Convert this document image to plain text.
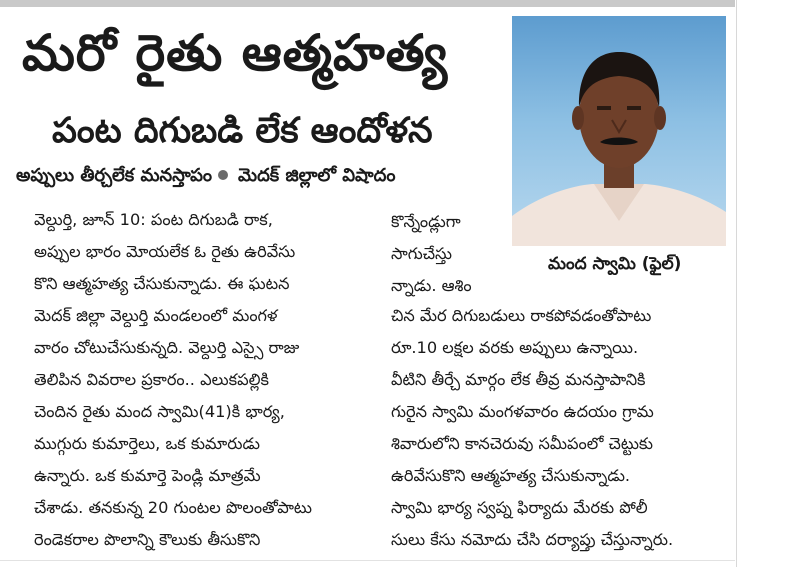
మరో రైతు ఆత్మహత్య
పంట దిగుబడి లేక ఆందోళన
అప్పులు తీర్చలేక మనస్తాపం మెదక్ జిల్లాలో విషాదం
మంద స్వామి (ఫైల్)
వెల్దుర్తి, జూన్ 10: పంట దిగుబడి రాక,
అప్పుల భారం మోయలేక ఓ రైతు ఉరివేసు
కొని ఆత్మహత్య చేసుకున్నాడు. ఈ ఘటన
మెదక్ జిల్లా వెల్దుర్తి మండలంలో మంగళ
వారం చోటుచేసుకున్నది. వెల్దుర్తి ఎస్సై రాజు
తెలిపిన వివరాల ప్రకారం.. ఎలుకపల్లికి
చెందిన రైతు మంద స్వామి(41)కి భార్య,
ముగ్గురు కుమార్తెలు, ఒక కుమారుడు
ఉన్నారు. ఒక కుమార్తె పెండ్లి మాత్రమే
చేశాడు. తనకున్న 20 గుంటల పొలంతోపాటు
రెండెకరాల పొలాన్ని కౌలుకు తీసుకొని
కొన్నేండ్లుగా
సాగుచేస్తు
న్నాడు. ఆశిం
చిన మేర దిగుబడులు రాకపోవడంతోపాటు
రూ.10 లక్షల వరకు అప్పులు ఉన్నాయి.
వీటిని తీర్చే మార్గం లేక తీవ్ర మనస్తాపానికి
గురైన స్వామి మంగళవారం ఉదయం గ్రామ
శివారులోని కానచెరువు సమీపంలో చెట్టుకు
ఉరివేసుకొని ఆత్మహత్య చేసుకున్నాడు.
స్వామి భార్య స్వప్న ఫిర్యాదు మేరకు పోలీ
సులు కేసు నమోదు చేసి దర్యాప్తు చేస్తున్నారు.
